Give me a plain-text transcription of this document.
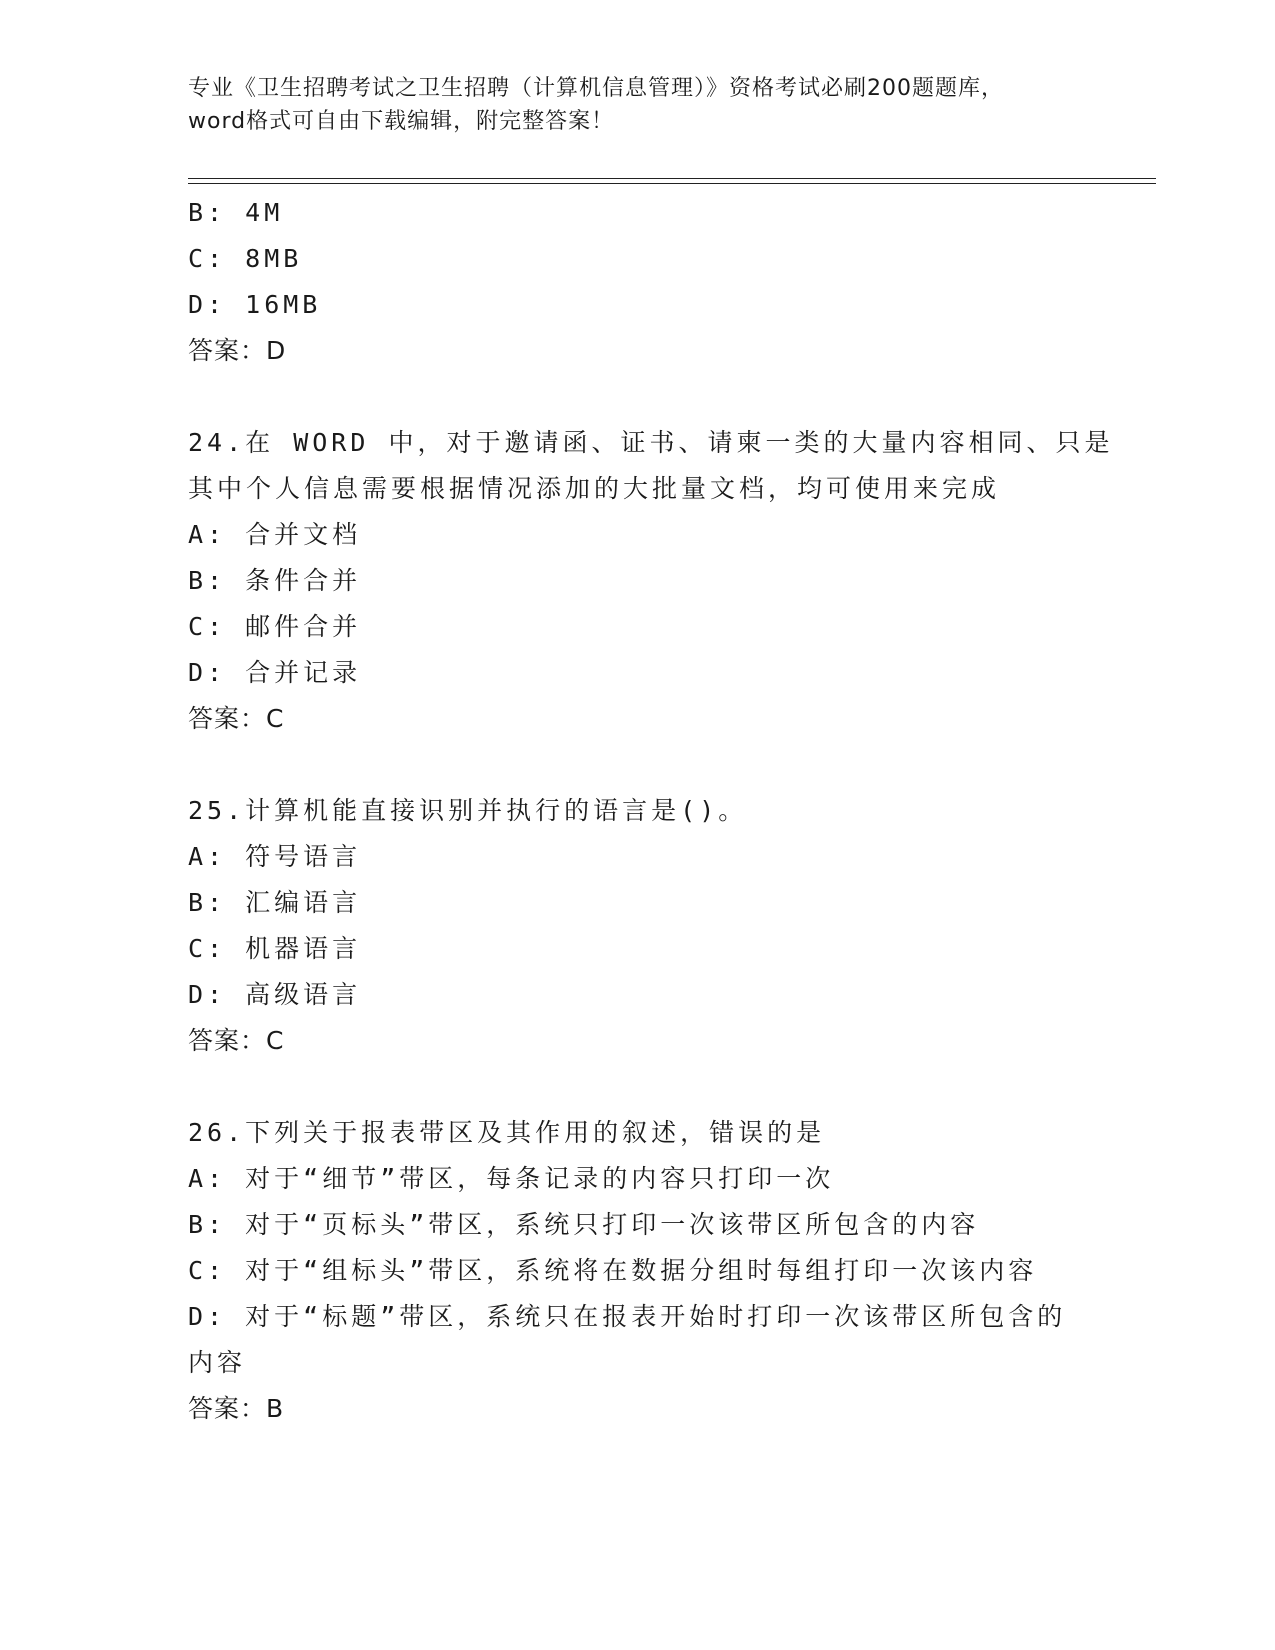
专业《卫生招聘考试之卫生招聘（计算机信息管理）》资格考试必刷200题题库，
word格式可自由下载编辑，附完整答案！
B: 4M
C: 8MB
D: 16MB
答案：D
24.在 WORD 中，对于邀请函、证书、请柬一类的大量内容相同、只是
其中个人信息需要根据情况添加的大批量文档，均可使用来完成
A: 合并文档
B: 条件合并
C: 邮件合并
D: 合并记录
答案：C
25.计算机能直接识别并执行的语言是()。
A: 符号语言
B: 汇编语言
C: 机器语言
D: 高级语言
答案：C
26.下列关于报表带区及其作用的叙述，错误的是
A: 对于“细节”带区，每条记录的内容只打印一次
B: 对于“页标头”带区，系统只打印一次该带区所包含的内容
C: 对于“组标头”带区，系统将在数据分组时每组打印一次该内容
D: 对于“标题”带区，系统只在报表开始时打印一次该带区所包含的
内容
答案：B
